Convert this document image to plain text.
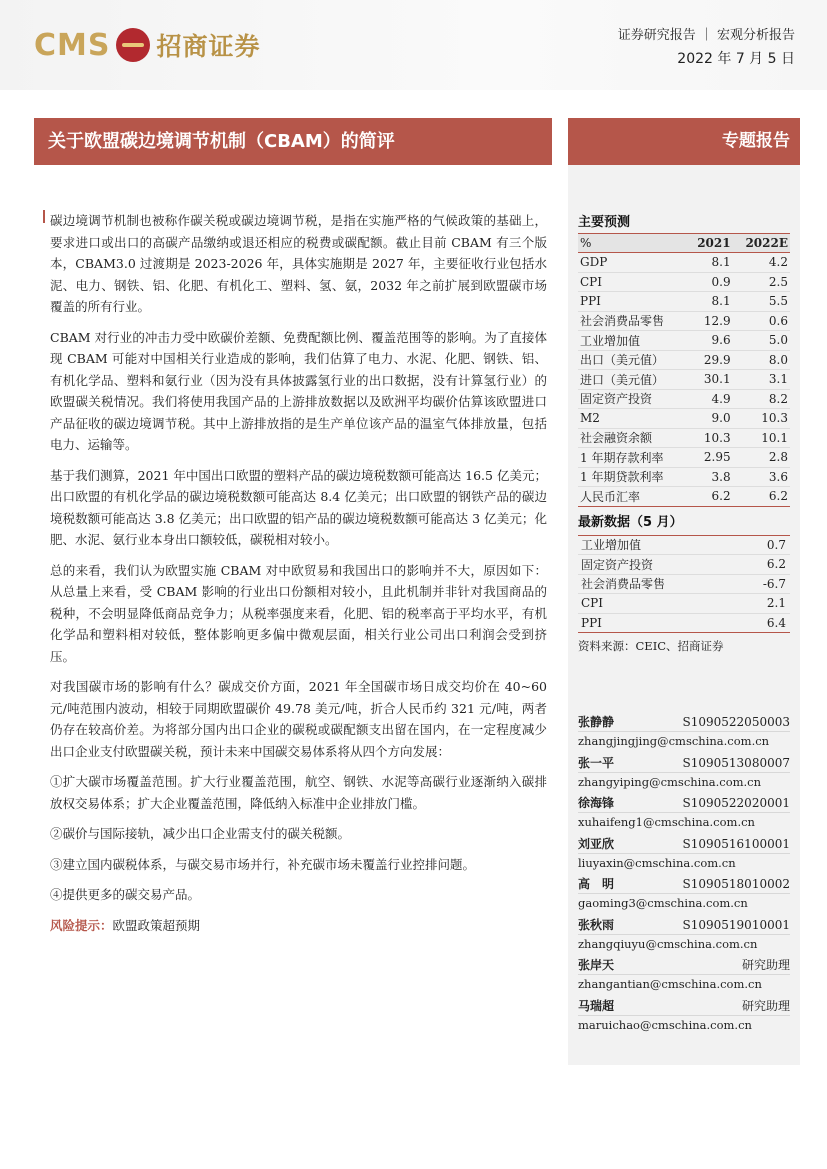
CMS 招商证券	证券研究报告 ｜ 宏观分析报告
2022 年 7 月 5 日
关于欧盟碳边境调节机制（CBAM）的简评	专题报告

碳边境调节机制也被称作碳关税或碳边境调节税，是指在实施严格的气候政策的基础上，要求进口或出口的高碳产品缴纳或退还相应的税费或碳配额。截止目前 CBAM 有三个版本，CBAM3.0 过渡期是 2023-2026 年，具体实施期是 2027 年，主要征收行业包括水泥、电力、钢铁、铝、化肥、有机化工、塑料、氢、氨，2032 年之前扩展到欧盟碳市场覆盖的所有行业。

CBAM 对行业的冲击力受中欧碳价差额、免费配额比例、覆盖范围等的影响。为了直接体现 CBAM 可能对中国相关行业造成的影响，我们估算了电力、水泥、化肥、钢铁、铝、有机化学品、塑料和氨行业（因为没有具体披露氢行业的出口数据，没有计算氢行业）的欧盟碳关税情况。我们将使用我国产品的上游排放数据以及欧洲平均碳价估算该欧盟进口产品征收的碳边境调节税。其中上游排放指的是生产单位该产品的温室气体排放量，包括电力、运输等。

基于我们测算，2021 年中国出口欧盟的塑料产品的碳边境税数额可能高达 16.5 亿美元；出口欧盟的有机化学品的碳边境税数额可能高达 8.4 亿美元；出口欧盟的钢铁产品的碳边境税数额可能高达 3.8 亿美元；出口欧盟的铝产品的碳边境税数额可能高达 3 亿美元；化肥、水泥、氨行业本身出口额较低，碳税相对较小。

总的来看，我们认为欧盟实施 CBAM 对中欧贸易和我国出口的影响并不大，原因如下：从总量上来看，受 CBAM 影响的行业出口份额相对较小，且此机制并非针对我国商品的税种，不会明显降低商品竞争力；从税率强度来看，化肥、铝的税率高于平均水平，有机化学品和塑料相对较低，整体影响更多偏中微观层面，相关行业公司出口利润会受到挤压。

对我国碳市场的影响有什么？碳成交价方面，2021 年全国碳市场日成交均价在 40~60 元/吨范围内波动，相较于同期欧盟碳价 49.78 美元/吨，折合人民币约 321 元/吨，两者仍存在较高价差。为将部分国内出口企业的碳税或碳配额支出留在国内，在一定程度减少出口企业支付欧盟碳关税，预计未来中国碳交易体系将从四个方向发展：

①扩大碳市场覆盖范围。扩大行业覆盖范围，航空、钢铁、水泥等高碳行业逐渐纳入碳排放权交易体系；扩大企业覆盖范围，降低纳入标准中企业排放门槛。

②碳价与国际接轨，减少出口企业需支付的碳关税额。

③建立国内碳税体系，与碳交易市场并行，补充碳市场未覆盖行业控排问题。

④提供更多的碳交易产品。

风险提示：欧盟政策超预期

主要预测
%	2021	2022E
GDP	8.1	4.2
CPI	0.9	2.5
PPI	8.1	5.5
社会消费品零售	12.9	0.6
工业增加值	9.6	5.0
出口（美元值）	29.9	8.0
进口（美元值）	30.1	3.1
固定资产投资	4.9	8.2
M2	9.0	10.3
社会融资余额	10.3	10.1
1 年期存款利率	2.95	2.8
1 年期贷款利率	3.8	3.6
人民币汇率	6.2	6.2
最新数据（5 月）
工业增加值	0.7
固定资产投资	6.2
社会消费品零售	-6.7
CPI	2.1
PPI	6.4
资料来源：CEIC、招商证券
张静静	S1090522050003
zhangjingjing@cmschina.com.cn
张一平	S1090513080007
zhangyiping@cmschina.com.cn
徐海锋	S1090522020001
xuhaifeng1@cmschina.com.cn
刘亚欣	S1090516100001
liuyaxin@cmschina.com.cn
高　明	S1090518010002
gaoming3@cmschina.com.cn
张秋雨	S1090519010001
zhangqiuyu@cmschina.com.cn
张岸天	研究助理
zhangantian@cmschina.com.cn
马瑞超	研究助理
maruichao@cmschina.com.cn
